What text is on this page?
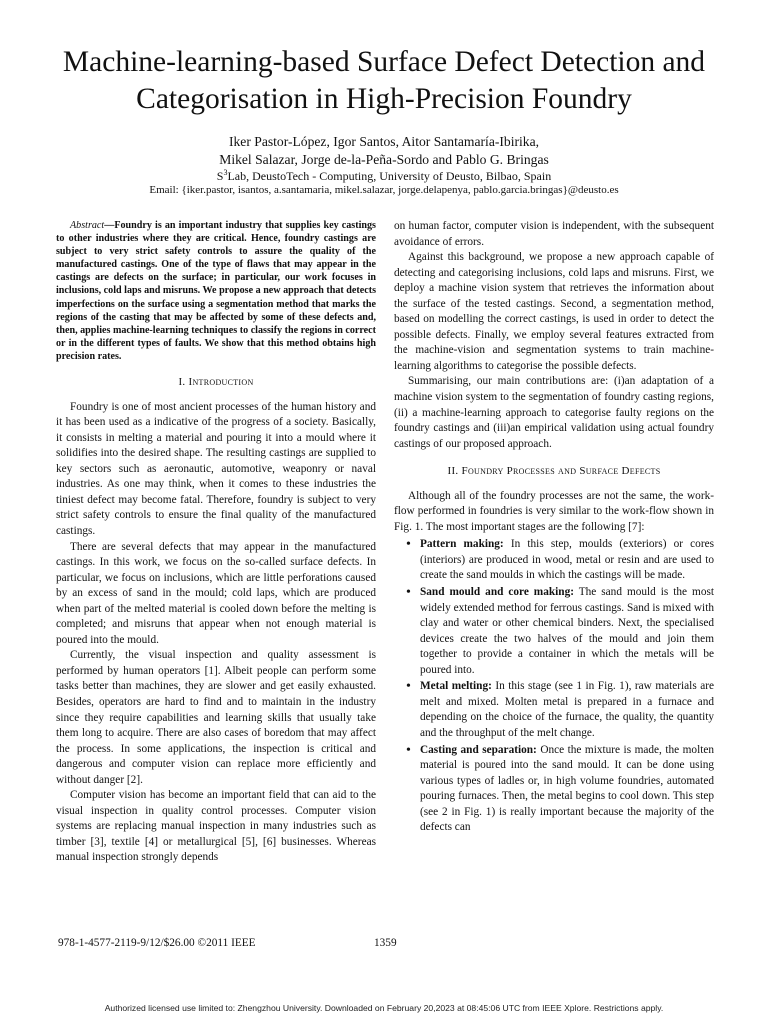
Machine-learning-based Surface Defect Detection and Categorisation in High-Precision Foundry
Iker Pastor-López, Igor Santos, Aitor Santamaría-Ibirika,
Mikel Salazar, Jorge de-la-Peña-Sordo and Pablo G. Bringas
$S^3Lab$, DeustoTech - Computing, University of Deusto, Bilbao, Spain
Email: {iker.pastor, isantos, a.santamaria, mikel.salazar, jorge.delapenya, pablo.garcia.bringas}@deusto.es

Abstract—Foundry is an important industry that supplies key castings to other industries where they are critical. Hence, foundry castings are subject to very strict safety controls to assure the quality of the manufactured castings. One of the type of flaws that may appear in the castings are defects on the surface; in particular, our work focuses in inclusions, cold laps and misruns. We propose a new approach that detects imperfections on the surface using a segmentation method that marks the regions of the casting that may be affected by some of these defects and, then, applies machine-learning techniques to classify the regions in correct or in the different types of faults. We show that this method obtains high precision rates.

I. Introduction

Foundry is one of most ancient processes of the human history and it has been used as a indicative of the progress of a society. Basically, it consists in melting a material and pouring it into a mould where it solidifies into the desired shape. The resulting castings are supplied to key sectors such as aeronautic, automotive, weaponry or naval industries. As one may think, when it comes to these industries the tiniest defect may become fatal. Therefore, foundry is subject to very strict safety controls to ensure the final quality of the manufactured castings.

There are several defects that may appear in the manufactured castings. In this work, we focus on the so-called surface defects. In particular, we focus on inclusions, which are little perforations caused by an excess of sand in the mould; cold laps, which are produced when part of the melted material is cooled down before the melting is completed; and misruns that appear when not enough material is poured into the mould.

Currently, the visual inspection and quality assessment is performed by human operators [1]. Albeit people can perform some tasks better than machines, they are slower and get easily exhausted. Besides, operators are hard to find and to maintain in the industry since they require capabilities and learning skills that usually take them long to acquire. There are also cases of boredom that may affect the process. In some applications, the inspection is critical and dangerous and computer vision can replace more efficiently and without danger [2].

Computer vision has become an important field that can aid to the visual inspection in quality control processes. Computer vision systems are replacing manual inspection in many industries such as timber [3], textile [4] or metallurgical [5], [6] businesses. Whereas manual inspection strongly depends

on human factor, computer vision is independent, with the subsequent avoidance of errors.

Against this background, we propose a new approach capable of detecting and categorising inclusions, cold laps and misruns. First, we deploy a machine vision system that retrieves the information about the surface of the tested castings. Second, a segmentation method, based on modelling the correct castings, is used in order to detect the possible defects. Finally, we employ several features extracted from the machine-vision and segmentation systems to train machine-learning algorithms to categorise the possible defects.

Summarising, our main contributions are: (i)an adaptation of a machine vision system to the segmentation of foundry casting regions, (ii) a machine-learning approach to categorise faulty regions on the foundry castings and (iii)an empirical validation using actual foundry castings of our proposed approach.

II. Foundry Processes and Surface Defects

Although all of the foundry processes are not the same, the work-flow performed in foundries is very similar to the work-flow shown in Fig. 1. The most important stages are the following [7]:

• Pattern making: In this step, moulds (exteriors) or cores (interiors) are produced in wood, metal or resin and are used to create the sand moulds in which the castings will be made.
• Sand mould and core making: The sand mould is the most widely extended method for ferrous castings. Sand is mixed with clay and water or other chemical binders. Next, the specialised devices create the two halves of the mould and join them together to provide a container in which the metals will be poured into.
• Metal melting: In this stage (see 1 in Fig. 1), raw materials are melt and mixed. Molten metal is prepared in a furnace and depending on the choice of the furnace, the quality, the quantity and the throughput of the melt change.
• Casting and separation: Once the mixture is made, the molten material is poured into the sand mould. It can be done using various types of ladles or, in high volume foundries, automated pouring furnaces. Then, the metal begins to cool down. This step (see 2 in Fig. 1) is really important because the majority of the defects can
978-1-4577-2119-9/12/$26.00 ©2011 IEEE	1359
Authorized licensed use limited to: Zhengzhou University. Downloaded on February 20,2023 at 08:45:06 UTC from IEEE Xplore. Restrictions apply.
